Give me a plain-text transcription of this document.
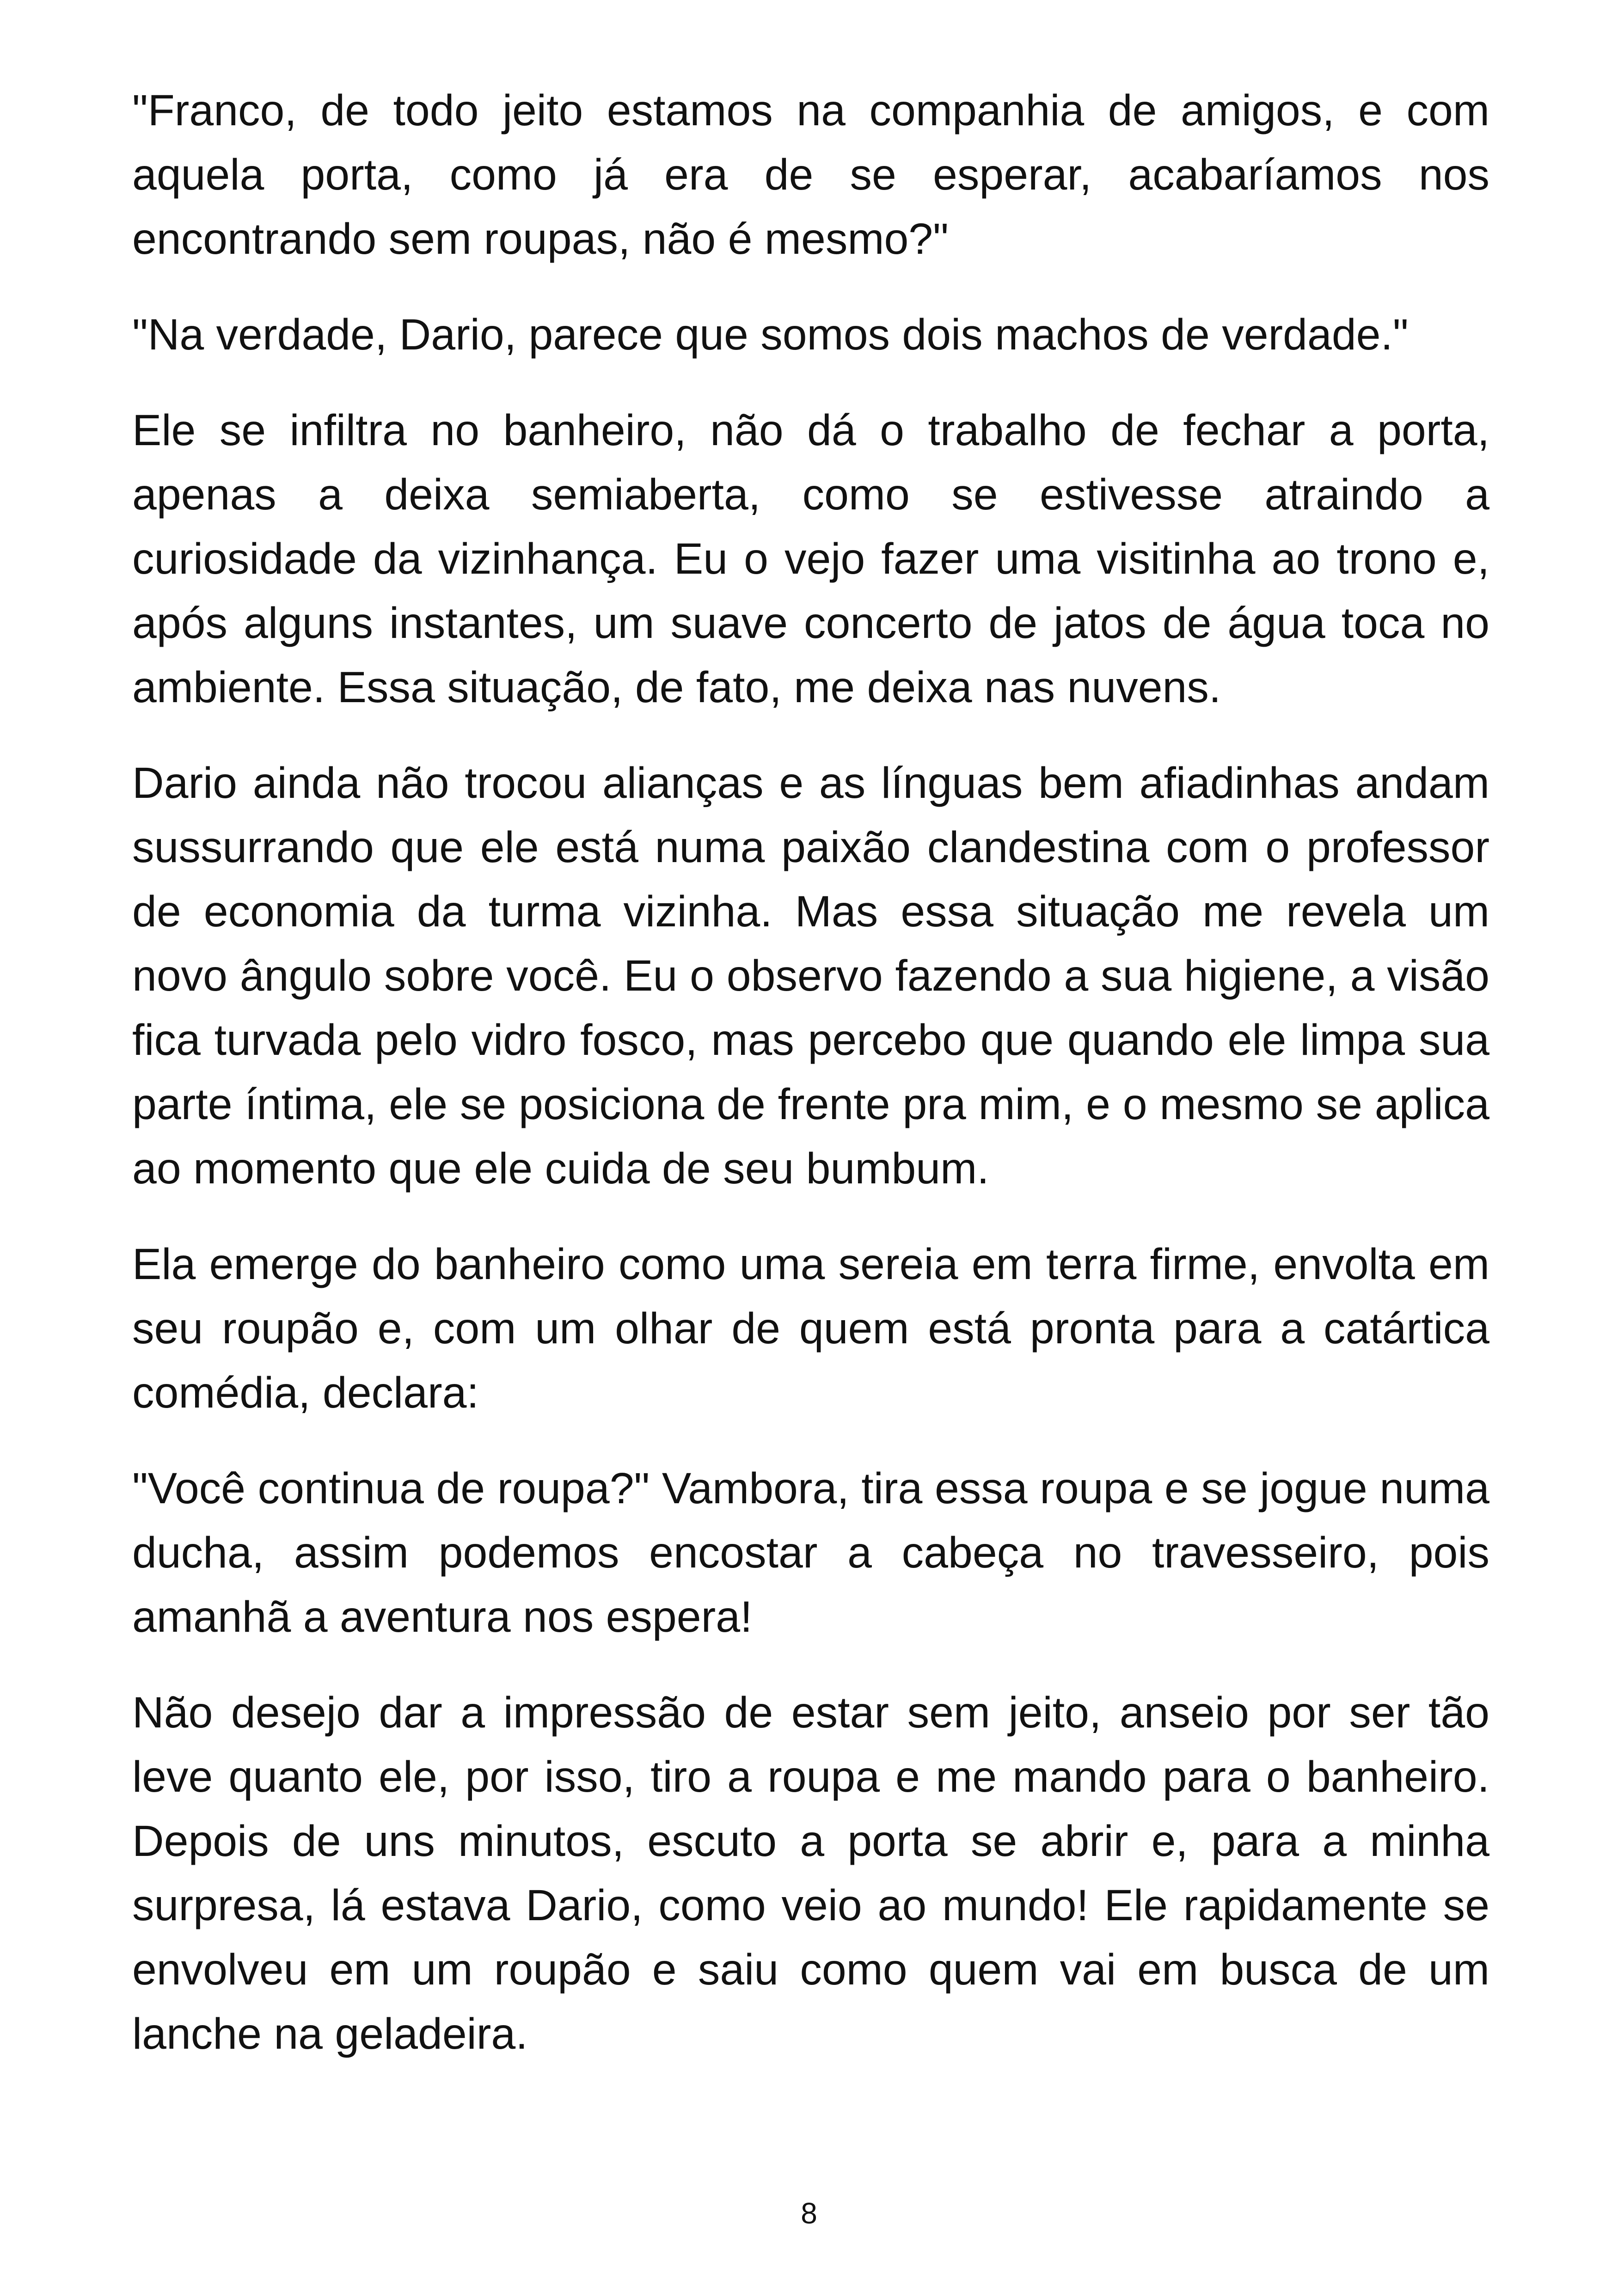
"Franco, de todo jeito estamos na companhia de amigos, e com aquela porta, como já era de se esperar, acabaríamos nos encontrando sem roupas, não é mesmo?"

"Na verdade, Dario, parece que somos dois machos de verdade."

Ele se infiltra no banheiro, não dá o trabalho de fechar a porta, apenas a deixa semiaberta, como se estivesse atraindo a curiosidade da vizinhança. Eu o vejo fazer uma visitinha ao trono e, após alguns instantes, um suave concerto de jatos de água toca no ambiente. Essa situação, de fato, me deixa nas nuvens.

Dario ainda não trocou alianças e as línguas bem afiadinhas andam sussurrando que ele está numa paixão clandestina com o professor de economia da turma vizinha. Mas essa situação me revela um novo ângulo sobre você. Eu o observo fazendo a sua higiene, a visão fica turvada pelo vidro fosco, mas percebo que quando ele limpa sua parte íntima, ele se posiciona de frente pra mim, e o mesmo se aplica ao momento que ele cuida de seu bumbum.

Ela emerge do banheiro como uma sereia em terra firme, envolta em seu roupão e, com um olhar de quem está pronta para a catártica comédia, declara:

"Você continua de roupa?" Vambora, tira essa roupa e se jogue numa ducha, assim podemos encostar a cabeça no travesseiro, pois amanhã a aventura nos espera!

Não desejo dar a impressão de estar sem jeito, anseio por ser tão leve quanto ele, por isso, tiro a roupa e me mando para o banheiro. Depois de uns minutos, escuto a porta se abrir e, para a minha surpresa, lá estava Dario, como veio ao mundo! Ele rapidamente se envolveu em um roupão e saiu como quem vai em busca de um lanche na geladeira.

8
